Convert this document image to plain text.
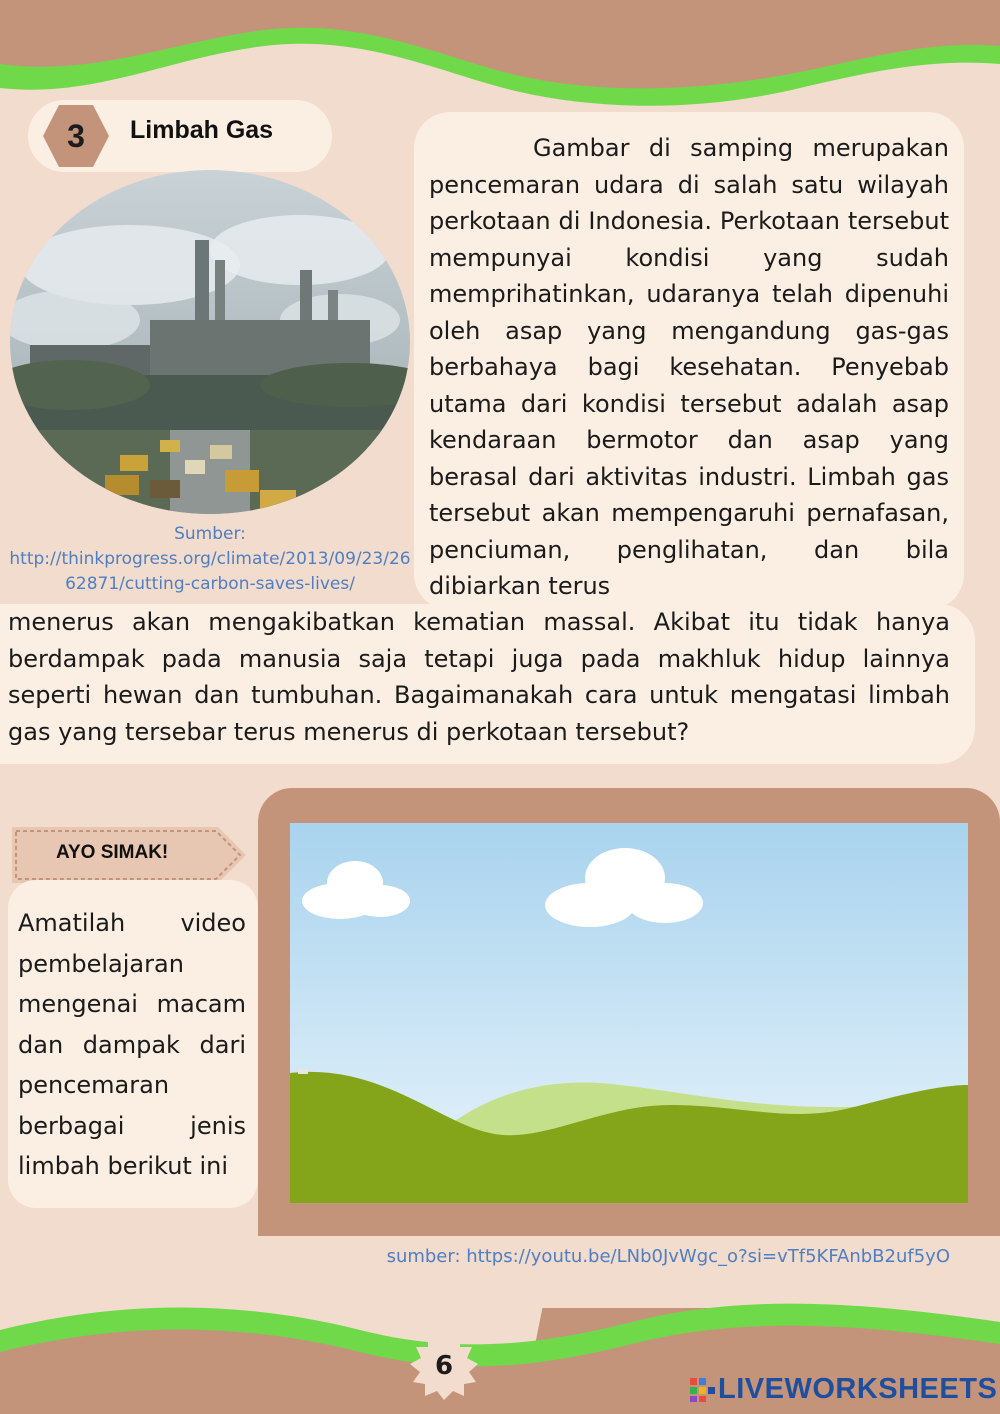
3	Limbah Gas
Sumber:
http://thinkprogress.org/climate/2013/09/23/2662871/cutting-carbon-saves-lives/
Gambar di samping merupakan pencemaran udara di salah satu wilayah perkotaan di Indonesia. Perkotaan tersebut mempunyai kondisi yang sudah memprihatinkan, udaranya telah dipenuhi oleh asap yang mengandung gas-gas berbahaya bagi kesehatan. Penyebab utama dari kondisi tersebut adalah asap kendaraan bermotor dan asap yang berasal dari aktivitas industri. Limbah gas tersebut akan mempengaruhi pernafasan, penciuman, penglihatan, dan bila dibiarkan terus
menerus akan mengakibatkan kematian massal. Akibat itu tidak hanya berdampak pada manusia saja tetapi juga pada makhluk hidup lainnya seperti hewan dan tumbuhan. Bagaimanakah cara untuk mengatasi limbah gas yang tersebar terus menerus di perkotaan tersebut?
AYO SIMAK!
Amatilah video pembelajaran mengenai macam dan dampak dari pencemaran berbagai jenis limbah berikut ini
sumber: https://youtu.be/LNb0JvWgc_o?si=vTf5KFAnbB2uf5yO
6
LIVEWORKSHEETS
